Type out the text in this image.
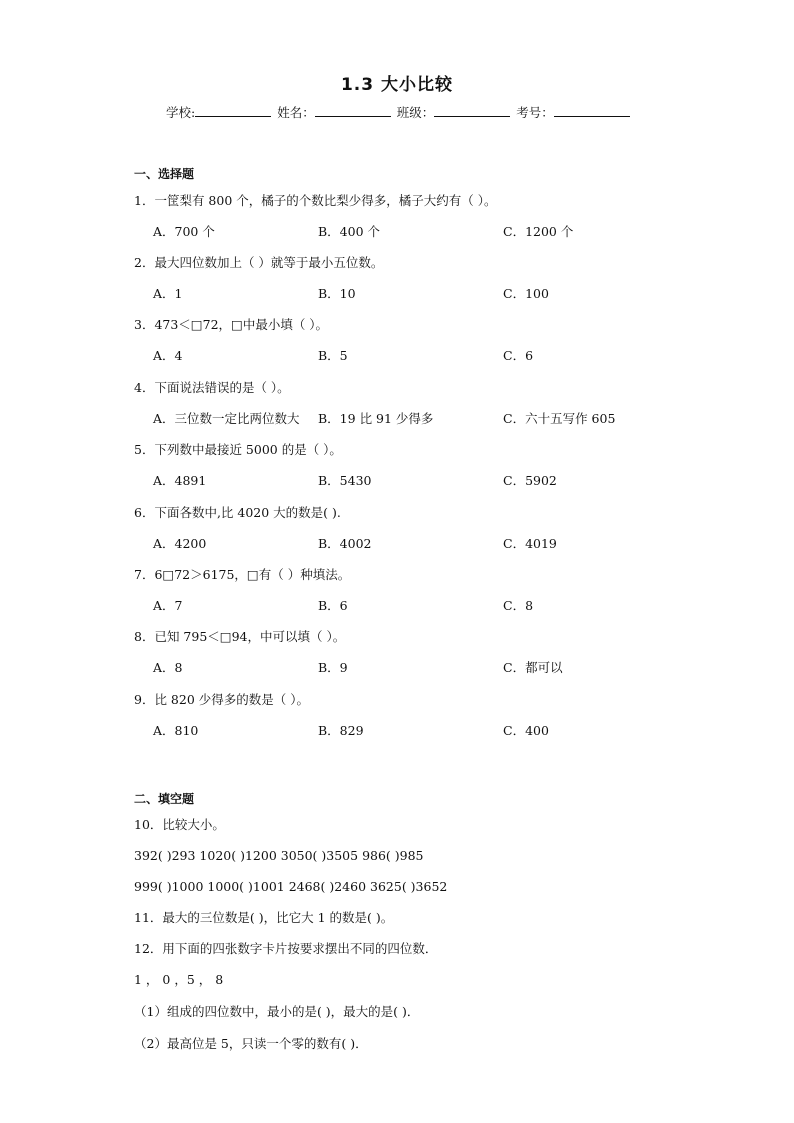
1.3 大小比较
学校:	姓名：	班级：	考号：
一、选择题
1．一筐梨有 800 个，橘子的个数比梨少得多，橘子大约有（ ）。
A．700 个	B．400 个	C．1200 个
2．最大四位数加上（ ）就等于最小五位数。
A．1	B．10	C．100
3．473＜□72，□中最小填（ ）。
A．4	B．5	C．6
4．下面说法错误的是（ ）。
A．三位数一定比两位数大 B．19 比 91 少得多	C．六十五写作 605
5．下列数中最接近 5000 的是（ ）。
A．4891	B．5430	C．5902
6．下面各数中,比 4020 大的数是( ).
A．4200	B．4002	C．4019
7．6□72＞6175，□有（ ）种填法。
A．7	B．6	C．8
8．已知 795＜□94，中可以填（ ）。
A．8	B．9	C．都可以
9．比 820 少得多的数是（ ）。
A．810	B．829	C．400
二、填空题
10．比较大小。
392( )293 1020( )1200 3050( )3505 986( )985
999( )1000 1000( )1001 2468( )2460 3625( )3652
11．最大的三位数是( )，比它大 1 的数是( )。
12．用下面的四张数字卡片按要求摆出不同的四位数．
1 ， 0 ，5 ， 8
（1）组成的四位数中，最小的是( )，最大的是( )．
（2）最高位是 5，只读一个零的数有( )．
